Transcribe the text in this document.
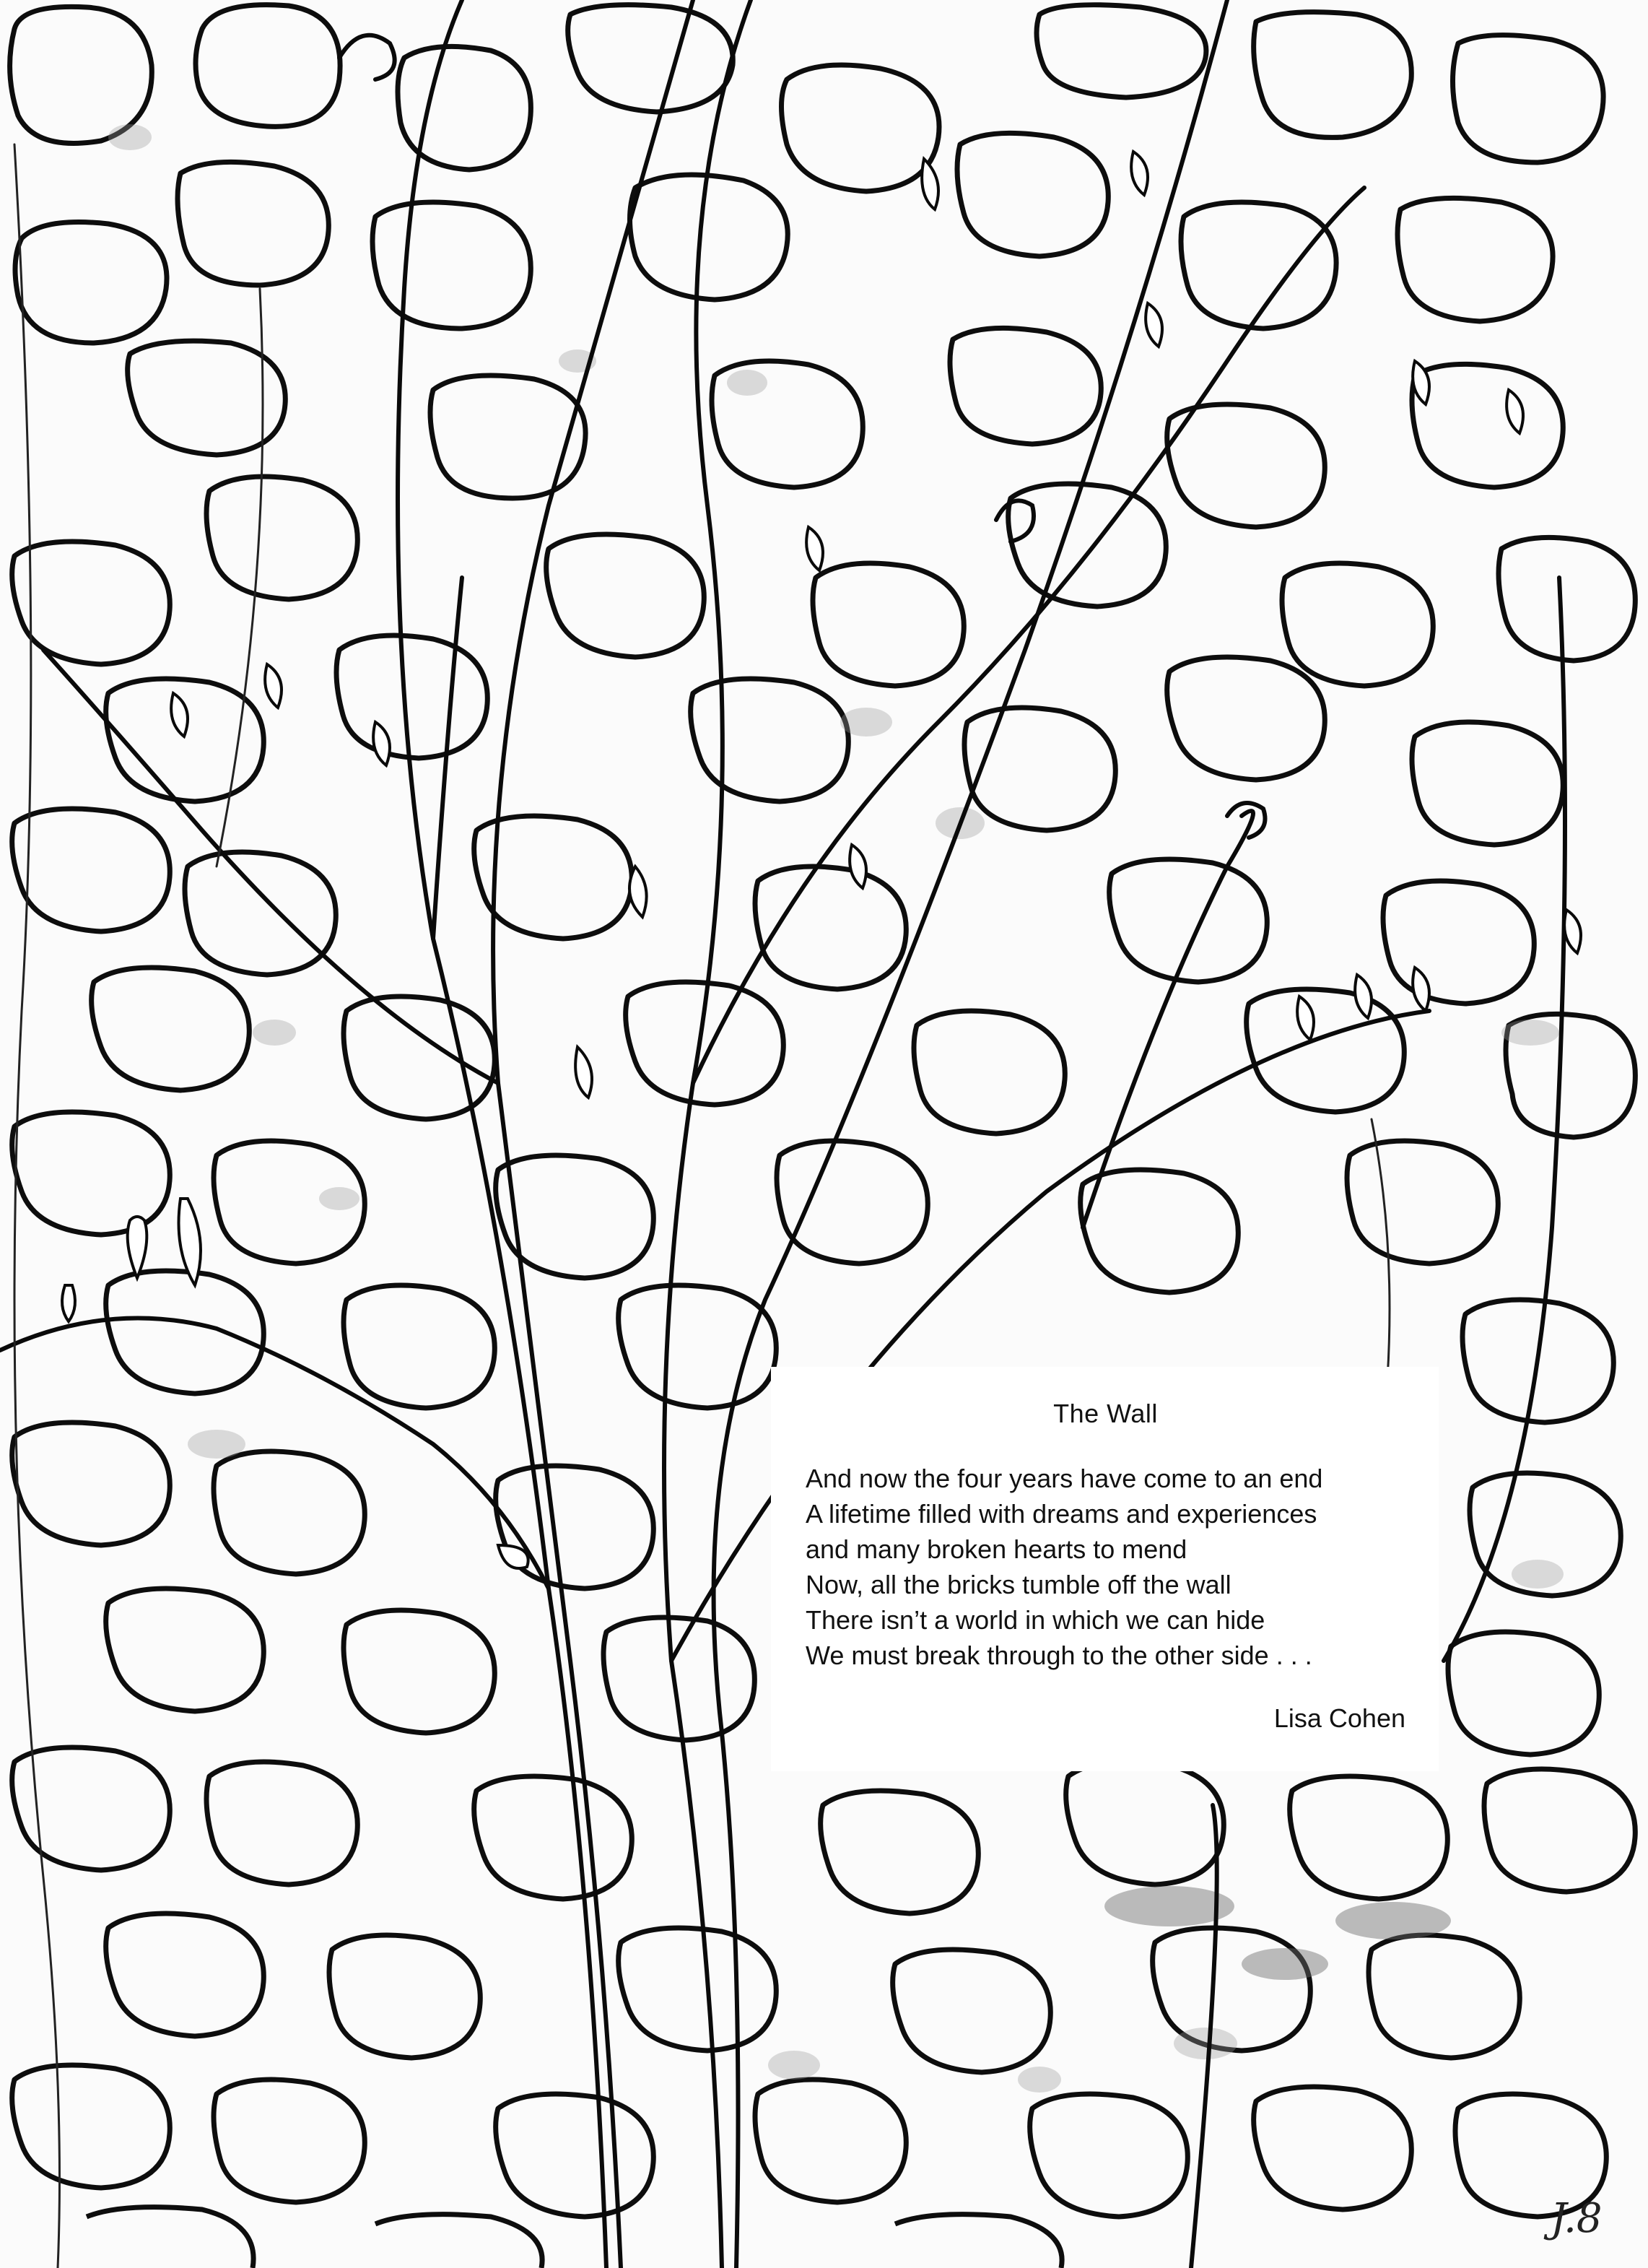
The Wall
And now the four years have come to an end
A lifetime filled with dreams and experiences
and many broken hearts to mend
Now, all the bricks tumble off the wall
There isn’t a world in which we can hide
We must break through to the other side . . .
Lisa Cohen
J.8
